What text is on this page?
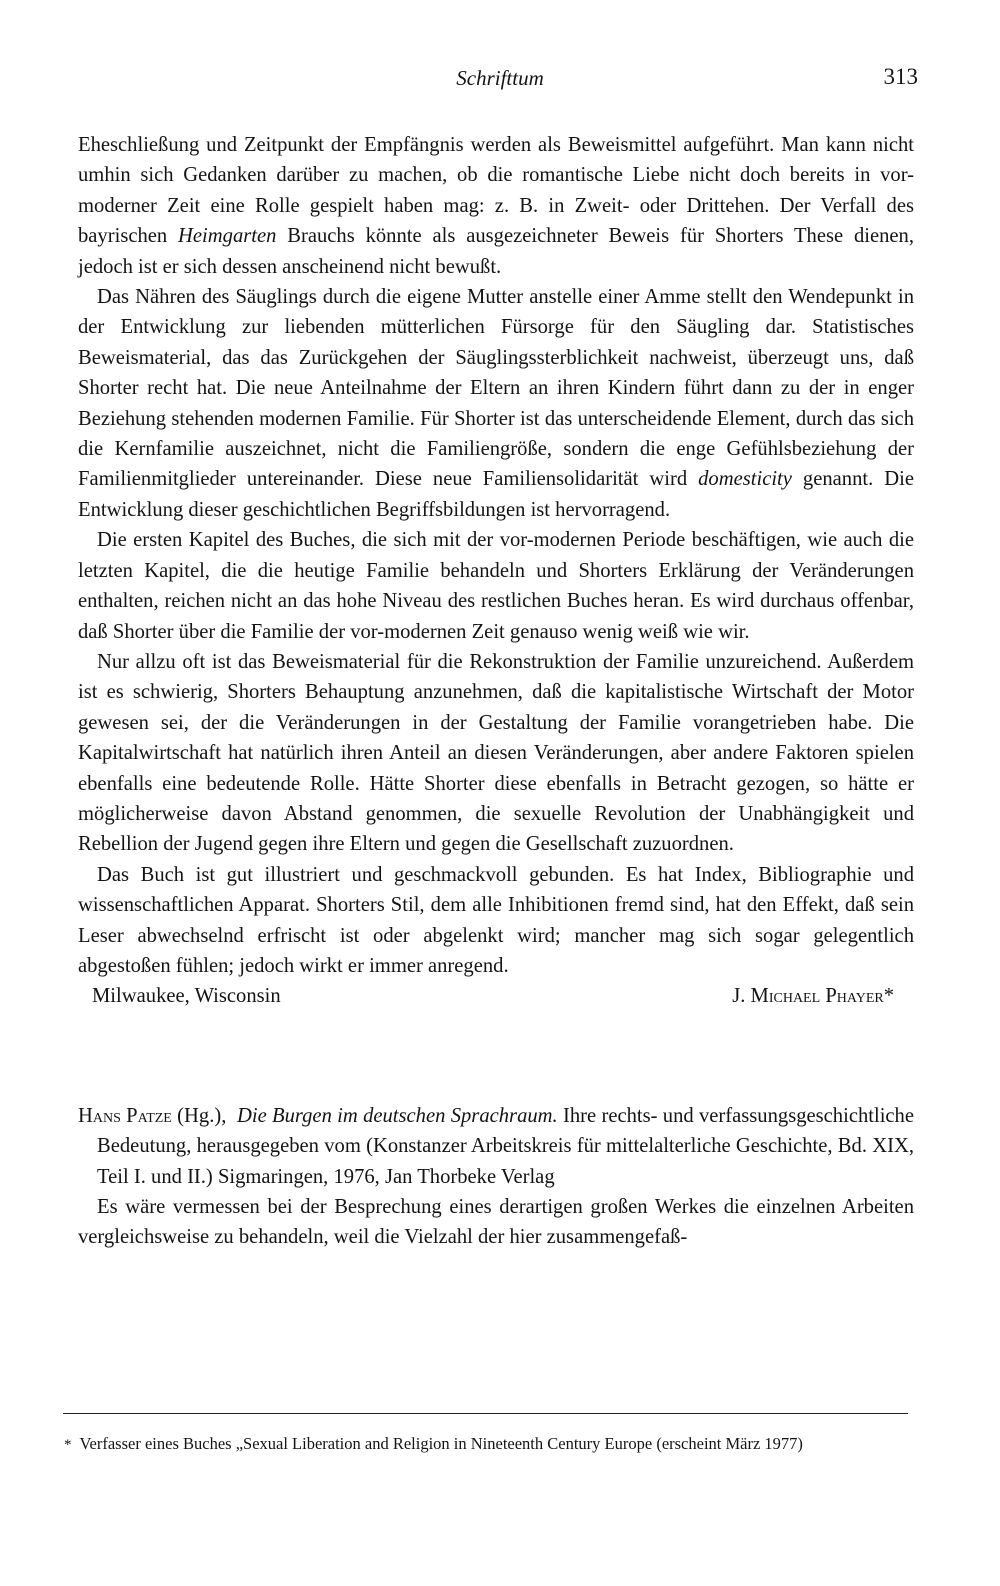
Schrifttum	313

Eheschließung und Zeitpunkt der Empfängnis werden als Beweismittel aufgeführt. Man kann nicht umhin sich Gedanken darüber zu machen, ob die romantische Liebe nicht doch bereits in vor-moderner Zeit eine Rolle gespielt haben mag: z. B. in Zweit- oder Drittehen. Der Verfall des bayrischen Heimgarten Brauchs könnte als ausgezeichneter Beweis für Shorters These dienen, jedoch ist er sich dessen anscheinend nicht bewußt.

Das Nähren des Säuglings durch die eigene Mutter anstelle einer Amme stellt den Wendepunkt in der Entwicklung zur liebenden mütterlichen Fürsorge für den Säugling dar. Statistisches Beweismaterial, das das Zurückgehen der Säuglingssterblichkeit nachweist, überzeugt uns, daß Shorter recht hat. Die neue Anteilnahme der Eltern an ihren Kindern führt dann zu der in enger Beziehung stehenden modernen Familie. Für Shorter ist das unterscheidende Element, durch das sich die Kernfamilie auszeichnet, nicht die Familiengröße, sondern die enge Gefühlsbeziehung der Familienmitglieder untereinander. Diese neue Familiensolidarität wird domesticity genannt. Die Entwicklung dieser geschichtlichen Begriffsbildungen ist hervorragend.

Die ersten Kapitel des Buches, die sich mit der vor-modernen Periode beschäftigen, wie auch die letzten Kapitel, die die heutige Familie behandeln und Shorters Erklärung der Veränderungen enthalten, reichen nicht an das hohe Niveau des restlichen Buches heran. Es wird durchaus offenbar, daß Shorter über die Familie der vor-modernen Zeit genauso wenig weiß wie wir.

Nur allzu oft ist das Beweismaterial für die Rekonstruktion der Familie unzureichend. Außerdem ist es schwierig, Shorters Behauptung anzunehmen, daß die kapitalistische Wirtschaft der Motor gewesen sei, der die Veränderungen in der Gestaltung der Familie vorangetrieben habe. Die Kapitalwirtschaft hat natürlich ihren Anteil an diesen Veränderungen, aber andere Faktoren spielen ebenfalls eine bedeutende Rolle. Hätte Shorter diese ebenfalls in Betracht gezogen, so hätte er möglicherweise davon Abstand genommen, die sexuelle Revolution der Unabhängigkeit und Rebellion der Jugend gegen ihre Eltern und gegen die Gesellschaft zuzuordnen.

Das Buch ist gut illustriert und geschmackvoll gebunden. Es hat Index, Bibliographie und wissenschaftlichen Apparat. Shorters Stil, dem alle Inhibitionen fremd sind, hat den Effekt, daß sein Leser abwechselnd erfrischt ist oder abgelenkt wird; mancher mag sich sogar gelegentlich abgestoßen fühlen; jedoch wirkt er immer anregend.

Milwaukee, Wisconsin	J. Michael Phayer*

Hans Patze (Hg.), Die Burgen im deutschen Sprachraum. Ihre rechts- und verfassungsgeschichtliche Bedeutung, herausgegeben vom (Konstanzer Arbeitskreis für mittelalterliche Geschichte, Bd. XIX, Teil I. und II.) Sigmaringen, 1976, Jan Thorbeke Verlag

Es wäre vermessen bei der Besprechung eines derartigen großen Werkes die einzelnen Arbeiten vergleichsweise zu behandeln, weil die Vielzahl der hier zusammengefaß-

* Verfasser eines Buches „Sexual Liberation and Religion in Nineteenth Century Europe (erscheint März 1977)
